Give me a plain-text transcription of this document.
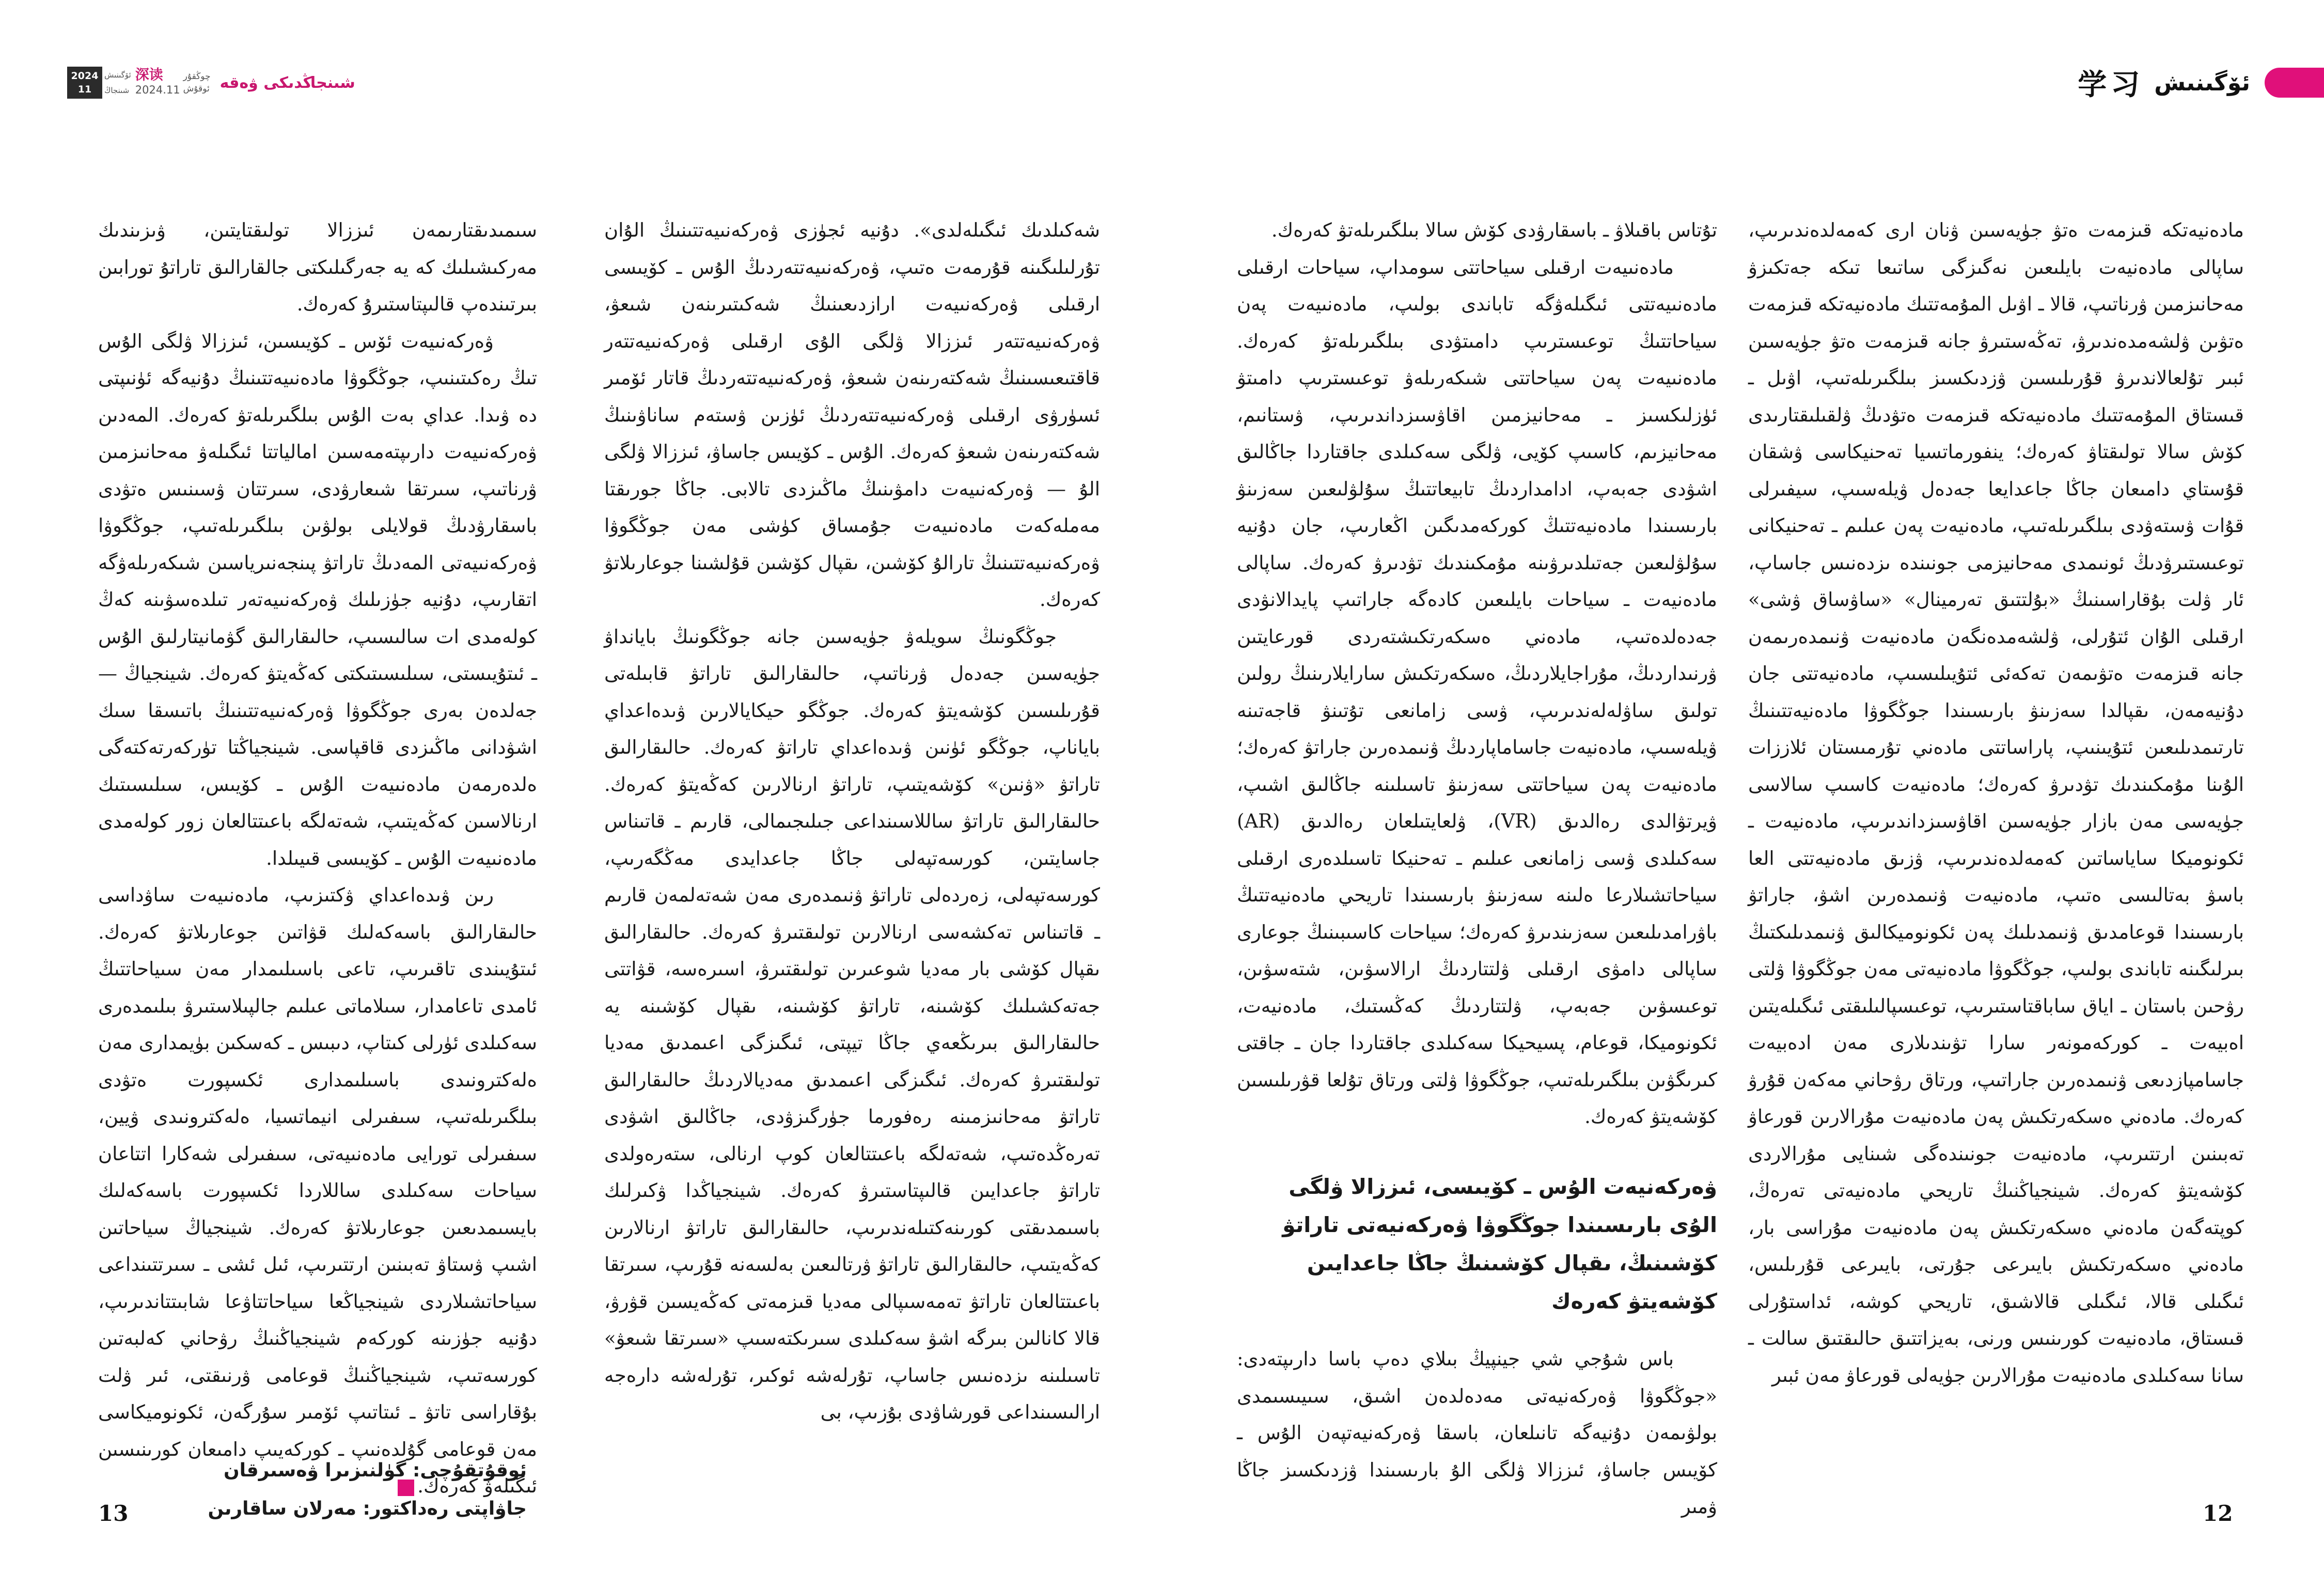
2024
11
ئۆگىنىش
شىنجاڭ
深读
2024.11
چوڭقۇر
ئوقۇش شىنجاڭدىكى ۋەقە	学习 ئۆگىنىش

سىمىدىقتارىمەن ئىززالا تولىقتايتىن، ۋىزىندىك مەركىشىلىك كە يە جەرگىلىكتى جالقارالىق تاراتۇ تورابىن بىرتىندەپ قالىپتاستىرۇ كەرەك.

ۋەركەنىيەت ئۆس ـ كۆيىسىن، ئىززالا ۋلگى الۇس تىڭ رەكىتىنىپ، جوڭگوۋا مادەنىيەتتىنىڭ دۇنيەگە ئۈنىپتى دە ۋىدا. عداي بەت الۇس بىلگىرىلەتۋ كەرەك. المەدىن ۋەركەنىيەت دارىپتەمەسىن امالياتتا ئىگىلەۋ مەحانىزمىن ۋرناتىپ، سىرتقا شىعارۋدى، سىرتتان ۋسىنىس ەتۋدى باسقارۋدىڭ قولايلى بولۋىن بىلگىرىلەتىپ، جوڭگوۋا ۋەركەنىيەتى المەدىڭ تاراتۋ پىنجەنىرياسىن شىكەرىلەۋگە اتقارىپ، دۇنيە جۈزىلىك ۋەركەنىيەتەر تىلدەسۋىنە كەڭ كولەمدى ات سالىسىپ، حالىقارالىق گۋمانيتارلىق الۇس ـ ئىتۇيىستى، سىلىسىتىكتى كەڭەيتۋ كەرەك. شينجياڭ — جەلدەن بەرى جوڭگوۋا ۋەركەنىيەتتىنىڭ باتىسقا سىك اشۋدانى ماڭىزدى قاقپاسى. شينجياڭتا تۈركەرتەكتەگى ەلدەرمەن مادەنىيەت الۇس ـ كۆيىس، سىلىسىتىك ارنالاسىن كەڭەيتىپ، شەتەلگە باعىتتالعان زور كولەمدى مادەنىيەت الۇس ـ كۆيىسى قىيىلدا.

رىن ۋىدەاعداي ۋكتىزىپ، مادەنىيەت ساۋداسى حالىقارالىق باسەكەلىك قۋاتىن جوعارىلاتۋ كەرەك. ئىتۇيىندى تاقىرىپ، تاعى باسىلىمدار مەن سىياحاتتىڭ ئامدى تاعامدار، سىلاماتى عىلىم جالپىلاستىرۋ بىلىمدەرى سەكىلدى ئۈرلى كىتاپ، دىبىس ـ كەسكىن بۈيمدارى مەن ەلەكترونىدى باسىلىمدارى ئكسپورت ەتۋدى بىلگىرىلەتىپ، سىفىرلى انيماتسيا، ەلەكترونىدى ۋيين، سىفىرلى تورايى مادەنىيەتى، سىفىرلى شەكارا اتتاعان سياحات سەكىلدى ساللاردا ئكسپورت باسەكەلىك بايسىمدىعىن جوعارىلاتۋ كەرەك. شينجياڭ سياحاتىن اشىپ ۋستاۋ تەبىنىن ارتتىرىپ، ئىل ئشى ـ سىرتتىنداعى سياحاتشىلاردى شينجياڭعا سياحاتتاۋعا شابىتتاندىرىپ، دۇنيە جۈزىنە كوركەم شينجياڭنىڭ رۋحاني كەلبەتىن كورسەتىپ، شينجياڭنىڭ قوعامى ۋرنىقتى، ئىر ۋلت بۇقاراسى تاتۋ ـ ئىتاتىپ ئۆمىر سۇرگەن، ئكونوميكاسى مەن قوعامى گۇلدەنىپ ـ كوركەيىپ دامىعان كورىنىسىن ئىگىلەۋ كەرەك.ل

ئوقۇتقۇچى: گۈلنىزىرا ۋەسىرقان
جاۋاپتى رەداكتور: مەرلان ساقارىن

شەكىلدىك ئىگىلەلدى». دۇنيە ئجۈزى ۋەركەنىيەتتىنىڭ الۇان تۇرلىلىگىنە قۇرمەت ەتىپ، ۋەركەنىيەتتەردىڭ الۇس ـ كۆيىسى ارقىلى ۋەركەنىيەت ارازدىعىنىڭ شەكىتىرىنەن شىعۋ، ۋەركەنىيەتتەر ئىززالا ۋلگى الۇى ارقىلى ۋەركەنىيەتتەر قاقتىعىسىنىڭ شەكتەرىنەن شىعۋ، ۋەركەنىيەتتەردىڭ قاتار ئۆمىر ئسۈرۋى ارقىلى ۋەركەنىيەتتەردىڭ ئۈزىن ۋستەم ساناۋىنىڭ شەكتەرىنەن شىعۋ كەرەك. الۇس ـ كۆيىس جاساۋ، ئىززالا ۋلگى الۇ — ۋەركەنىيەت دامۋىنىڭ ماڭىزدى تالابى. جاڭا جورىقتا مەملەكەت مادەنىيەت جۇمساق كۈشى مەن جوڭگوۋا ۋەركەنىيەتتىنىڭ تارالۇ كۆشىن، ىقپال كۆشىن قۇلشىنا جوعارىلاتۋ كەرەك.

جوڭگونىڭ سويلەۋ جۈيەسىن جانە جوڭگونىڭ بايانداۋ جۈيەسىن جەدەل ۋرناتىپ، حالىقارالىق تاراتۋ قابىلەتى قۇرىلىسىن كۆشەيتۋ كەرەك. جوڭگو حيكايالارىن ۋىدەاعداي باياناپ، جوڭگو ئۈنىن ۋىدەاعداي تاراتۋ كەرەك. حالىقارالىق تاراتۋ «ۋنىن» كۆشەيتىپ، تاراتۋ ارنالارىن كەڭەيتۋ كەرەك. حالىقارالىق تاراتۋ ساللاسىنداعى جىلىجىمالى، قارىم ـ قاتىناس جاسايتىن، كورسەتپەلى جاڭا جاعدايدى مەڭگەرىپ، كورسەتپەلى، زەردەلى تاراتۋ ۋنىمدەرى مەن شەتەلمەن قارىم ـ قاتىناس تەكشەسى ارنالارىن تولىقتىرۋ كەرەك. حالىقارالىق ىقپال كۆشى بار مەديا شوعىرىن تولىقتىرۋ، اسىرەسە، قۋاتتى جەتەكشىلىك كۆشىنە، تاراتۋ كۆشىنە، ىقپال كۆشىنە يە حالىقارالىق بىرىڭعەي جاڭا تيپتى، ئىگىزگى اعىمدىق مەديا تولىقتىرۋ كەرەك. ئىگىزگى اعىمدىق مەديالاردىڭ حالىقارالىق تاراتۋ مەحانىزمىنە رەفورما جۈرگىزۋدى، جاڭالىق اشۋدى تەرەڭدەتىپ، شەتەلگە باعىتتالعان كوپ ارنالى، ستەرەولدى تاراتۋ جاعدايىن قالىپتاستىرۋ كەرەك. شينجياڭدا ۋكىرلىك باسىمدىقتى كورىنەكتىلەندىرىپ، حالىقارالىق تاراتۋ ارنالارىن كەڭەيتىپ، حالىقارالىق تاراتۋ ۋرتالىعىن بەلسەنە قۇرىپ، سىرتقا باعىتتالعان تاراتۋ تەمەسىپالى مەديا قىزمەتى كەڭەيسىن قۋرۋ، قالا كانالىن بىرگە اشۋ سەكىلدى سىرىكتەسىپ «سىرتقا شىعۋ» تاسىلىنە ىزدەنىس جاساپ، تۇرلەشە ئوكىر، تۇرلەشە دارەجە ارالىسىنداعى قورشاۋدى بۇزىپ، بى

تۇتاس باقىلاۋ ـ باسقارۋدى كۆش سالا بىلگىرىلەتۋ كەرەك.

مادەنىيەت ارقىلى سياحاتتى سومداپ، سياحات ارقىلى مادەنىيەتتى ئىگىلەۋگە تاباندى بولىپ، مادەنىيەت پەن سياحاتتىڭ توعىسترىپ دامىتۋدى بىلگىرىلەتۋ كەرەك. مادەنىيەت پەن سياحاتتى شىكەرىلەۋ توعىسترىپ دامىتۋ ئۈزلىكسىز ـ مەحانيزمىن اقاۋسىزداندىرىپ، ۋستانىم، مەحانيزىم، كاسىپ كۆيى، ۋلگى سەكىلدى جاقتاردا جاڭالىق اشۋدى جەبەپ، ادامداردىڭ تابيعاتتىڭ سۇلۋلىعىن سەزىنۋ بارىسىندا مادەنيەتتىڭ كوركەمدىگىن اڭعارىپ، جان دۇنيە سۇلۋلىعىن جەتىلدىرۋىنە مۇمكىندىك تۋدىرۋ كەرەك. ساپالى مادەنيەت ـ سياحات بايلىعىن كادەگە جاراتىپ پايدالانۋدى جەدەلدەتىپ، مادەني ەسكەرتكىشتەردى قورعايتىن ۋرنىداردىڭ، مۇراجايلاردىڭ، ەسكەرتكىش سارايلارىنىڭ رولىن تولىق ساۋلەلەندىرىپ، ۋسى زامانعى تۇتىنۋ قاجەتىنە ۋيلەسىپ، مادەنيەت جاساماپاردىڭ ۋنىمدەرىن جاراتۋ كەرەك؛ مادەنيەت پەن سياحاتتى سەزىنۋ تاسىلىنە جاڭالىق اشىپ، ۋيرتۋالدى رەالدىق (VR)، ۋلعايتىلعان رەالدىق (AR) سەكىلدى ۋسى زامانعى عىلىم ـ تەحنيكا تاسىلدەرى ارقىلى سياحاتشىلارعا ەلىنە سەزىنۋ بارىسىندا تاريحي مادەنيەتتىڭ باۋرامدىلىعىن سەزىندىرۋ كەرەك؛ سياحات كاسىبىنىڭ جوعارى ساپالى دامۋى ارقىلى ۋلتتاردىڭ ارالاسۋىن، شتەسۋىن، توعىسۋىن جەبەپ، ۋلتتاردىڭ كەڭستىك، مادەنيەت، ئكونوميكا، قوعام، پسيحيكا سەكىلدى جاقتاردا جان ـ جاقتى كىرىگۋىن بىلگىرىلەتىپ، جوڭگوۋا ۋلتى ورتاق تۇلعا قۋرىلىسىن كۆشەيتۋ كەرەك.

ۋەركەنيەت الۇس ـ كۆيىسى، ئىززالا ۋلگى الۇى بارىسىندا جوڭگوۋا ۋەركەنيەتى تاراتۋ كۆشىنىڭ، ىقپال كۆشىنىڭ جاڭا جاعدايىن كۆشەيتۋ كەرەك

باس شۇجي شي جينپيڭ بىلاي دەپ باسا دارىپتەدى: «جوڭگوۋا ۋەركەنيەتى مەدەلدەن اشىق، سىيىسىمدى بولۋىمەن دۇنيەگە تانىلعان، باسقا ۋەركەنيەتپەن الۇس ـ كۆيىس جاساۋ، ئىززالا ۋلگى الۇ بارىسىندا ۋزدىكسىز جاڭا ۋمىر

مادەنيەتكە قىزمەت ەتۋ جۈيەسىن ۋنان ارى كەمەلدەندىرىپ، ساپالى مادەنيەت بايلىعىن نەگىزگى ساتىعا تىكە جەتكىزۋ مەحانىزمىن ۋرناتىپ، قالا ـ اۋىل المۇمەتتىك مادەنيەتكە قىزمەت ەتۋىن ۋلشەمدەندىرۋ، تەڭەستىرۋ جانە قىزمەت ەتۋ جۈيەسىن ئبىر تۇلعالاندىرۋ قۇرىلىسىن ۋزدىكسىز بىلگىرىلەتىپ، اۋىل ـ قىستاق المۇمەتتىك مادەنيەتكە قىزمەت ەتۋدىڭ ۋلقىلىقتارىدى كۆش سالا تولىقتاۋ كەرەك؛ ينفورماتسيا تەحنيكاسى ۋشقان قۇستاي دامىعان جاڭا جاعدايعا جەدەل ۋيلەسىپ، سيفىرلى قۇات ۋستەۋدى بىلگىرىلەتىپ، مادەنيەت پەن عىلىم ـ تەحنيكانى توعىستىرۋدىڭ ئونىمدى مەحانيزمى جونىندە ىزدەنىس جاساپ، ئار ۋلت بۇقاراسىنىڭ «بۇلتتىق تەرمينال» «ساۋساق ۋشى» ارقىلى الۇان ئتۇرلى، ۋلشەمدەنگەن مادەنيەت ۋنىمدەرىمەن جانە قىزمەت ەتۋىمەن تەكەئى ئتۇيىلىسىپ، مادەنيەتتى جان دۇنيەمەن، ىقپالدا سەزىنۋ بارىسىندا جوڭگوۋا مادەنيەتتىنىڭ تارتىمدىلىعىن ئتۇيىنىپ، پاراساتتى مادەني تۇرمىستان ئلاززات الۇىنا مۇمكىندىك تۋدىرۋ كەرەك؛ مادەنيەت كاسىپ سالاسى جۈيەسى مەن بازار جۈيەسىن اقاۋسىزداندىرىپ، مادەنيەت ـ ئكونوميكا ساياساتىن كەمەلدەندىرىپ، ۋزىق مادەنيەتتى العا باسۋ بەتالىسى ەتىپ، مادەنيەت ۋنىمدەرىن اشۋ، جاراتۋ بارىسىندا قوعامدىق ۋنىمدىلىك پەن ئكونوميكالىق ۋنىمدىلىكتىڭ بىرلىگىنە تاباندى بولىپ، جوڭگوۋا مادەنيەتى مەن جوڭگوۋا ۋلتى رۋحىن باستان ـ اياق ساباقتاستىرىپ، توعىسپالىلىقتى ئىگىلەيتىن اەبيەت ـ كوركەمونەر سارا تۋىندىلارى مەن ادەبيەت جاسامپازدىعى ۋنىمدەرىن جاراتىپ، ورتاق رۋحاني مەكەن قۇرۋ كەرەك. مادەني ەسكەرتكىش پەن مادەنيەت مۇرالارىن قورعاۋ تەبىنىن ارتتىرىپ، مادەنيەت جونىندەگى شىنايى مۇرالاردى كۆشەيتۋ كەرەك. شينجياڭنىڭ تاريحي مادەنيەتى تەرەڭ، كوپتەگەن مادەني ەسكەرتكىش پەن مادەنيەت مۇراسى بار، مادەني ەسكەرتكىش بايىرعى جۇرتى، بايىرعى قۇرىلىس، ئىگىلى قالا، ئىگىلى قالاشىق، تاريحي كوشە، ئداستۇرلى قىستاق، مادەنيەت كورىنىس ورنى، بەيزاتتىق حالىقتىق سالت ـ سانا سەكىلدى مادەنيەت مۇرالارىن جۈيەلى قورعاۋ مەن ئبىر

13	12
